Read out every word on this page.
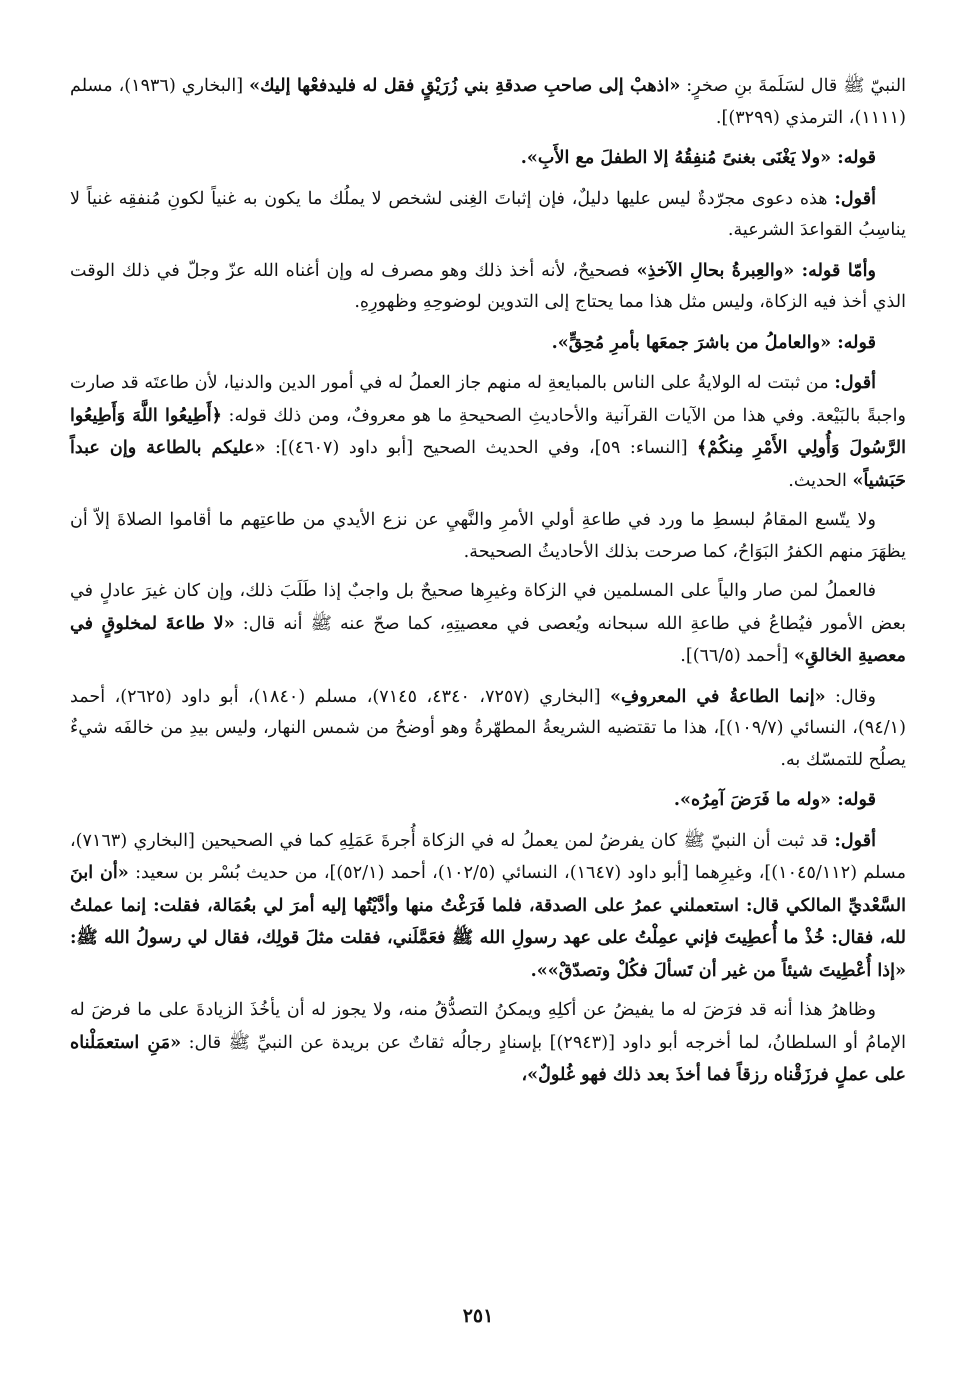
النبيّ ﷺ قال لسَلَمةَ بنِ صخرٍ: «اذهبْ إلى صاحبِ صدقةِ بني زُرَيْقٍ فقل له فليدفعْها إليك» [البخاري (١٩٣٦)، مسلم (١١١١)، الترمذي (٣٢٩٩)].

قوله: «ولا يَغْنَى بغنىً مُنفِقُهُ إلا الطفلَ مع الأَبِ».

أقول: هذه دعوى مجرّدةٌ ليس عليها دليلٌ، فإن إثباتَ الغِنى لشخص لا يملُك ما يكون به غنياً لكونِ مُنفقِه غنياً لا يناسِبُ القواعدَ الشرعية.

وأمّا قوله: «والعِبرةُ بحالِ الآخذِ» فصحيحٌ، لأنه أخذ ذلك وهو مصرف له وإن أغناه الله عزّ وجلّ في ذلك الوقت الذي أخذ فيه الزكاة، وليس مثل هذا مما يحتاج إلى التدوين لوضوحِهِ وظهورِهِ.

قوله: «والعاملُ من باشرَ جمعَها بأمرِ مُحِقٍّ».

أقول: من ثبتت له الولايةُ على الناس بالمبايعةِ له منهم جاز العملُ له في أمور الدين والدنيا، لأن طاعتَه قد صارت واجبةً بالبَيْعة. وفي هذا من الآيات القرآنية والأحاديثِ الصحيحةِ ما هو معروفٌ، ومن ذلك قوله: ﴿أَطِيعُوا اللَّهَ وَأَطِيعُوا الرَّسُولَ وَأُولِي الأَمْرِ مِنكُمْ﴾ [النساء: ٥٩]، وفي الحديث الصحيح [أبو داود (٤٦٠٧)]: «عليكم بالطاعة وإن عبداً حَبَشياً» الحديث.

ولا يتّسع المقامُ لبسطِ ما ورد في طاعةِ أولي الأمرِ والنَّهيِ عن نزع الأيدي من طاعتِهم ما أقاموا الصلاةَ إلاّ أن يظهَرَ منهم الكفرُ البَوَاحُ، كما صرحت بذلك الأحاديثُ الصحيحة.

فالعملُ لمن صار والياً على المسلمين في الزكاة وغيرِها صحيحٌ بل واجبٌ إذا طَلَبَ ذلك، وإن كان غيرَ عادلٍ في بعض الأمور فيُطاعُ في طاعةِ الله سبحانه ويُعصى في معصيتِهِ، كما صحّ عنه ﷺ أنه قال: «لا طاعةَ لمخلوقٍ في معصيةِ الخالقِ» [أحمد (٦٦/٥)].

وقال: «إنما الطاعةُ في المعروفِ» [البخاري (٧٢٥٧، ٤٣٤٠، ٧١٤٥)، مسلم (١٨٤٠)، أبو داود (٢٦٢٥)، أحمد (٩٤/١)، النسائي (١٠٩/٧)]، هذا ما تقتضيه الشريعةُ المطهّرةُ وهو أوضحُ من شمس النهار، وليس بيدِ من خالفَه شيءٌ يصلُح للتمسّك به.

قوله: «وله ما فَرَضَ آمِرُه».

أقول: قد ثبت أن النبيّ ﷺ كان يفرضُ لمن يعملُ له في الزكاة أُجرةَ عَمَلِهِ كما في الصحيحين [البخاري (٧١٦٣)، مسلم (١٠٤٥/١١٢)]، وغيرِهما [أبو داود (١٦٤٧)، النسائي (١٠٢/٥)، أحمد (٥٢/١)]، من حديث بُسْر بن سعيد: «أن ابنَ السَّعْديِّ المالكي قال: استعملني عمرُ على الصدقة، فلما فَرَغْتُ منها وأدَّيْتُها إليه أمرَ لي بعُمَالة، فقلت: إنما عملتُ لله، فقال: خُذْ ما أُعطِيتَ فإني عمِلْتُ على عهد رسولِ الله ﷺ فعَمَّلَني، فقلت مثلَ قولِك، فقال لي رسولُ الله ﷺ: «إذا أُعْطِيتَ شيئاً من غير أن تَسألَ فكُلْ وتصدّقْ»».

وظاهرُ هذا أنه قد فرَضَ له ما يفيضُ عن أكلِهِ ويمكنُ التصدُّقُ منه، ولا يجوز له أن يأخُذَ الزيادةَ على ما فرضَ له الإمامُ أو السلطانُ، لما أخرجه أبو داود [(٢٩٤٣)] بإسنادٍ رجالُه ثقاتٌ عن بريدة عن النبيِّ ﷺ قال: «مَنِ استعمَلْناه على عملٍ فرزَقْناه رزقاً فما أخذَ بعد ذلك فهو غُلولٌ»،

٢٥١
